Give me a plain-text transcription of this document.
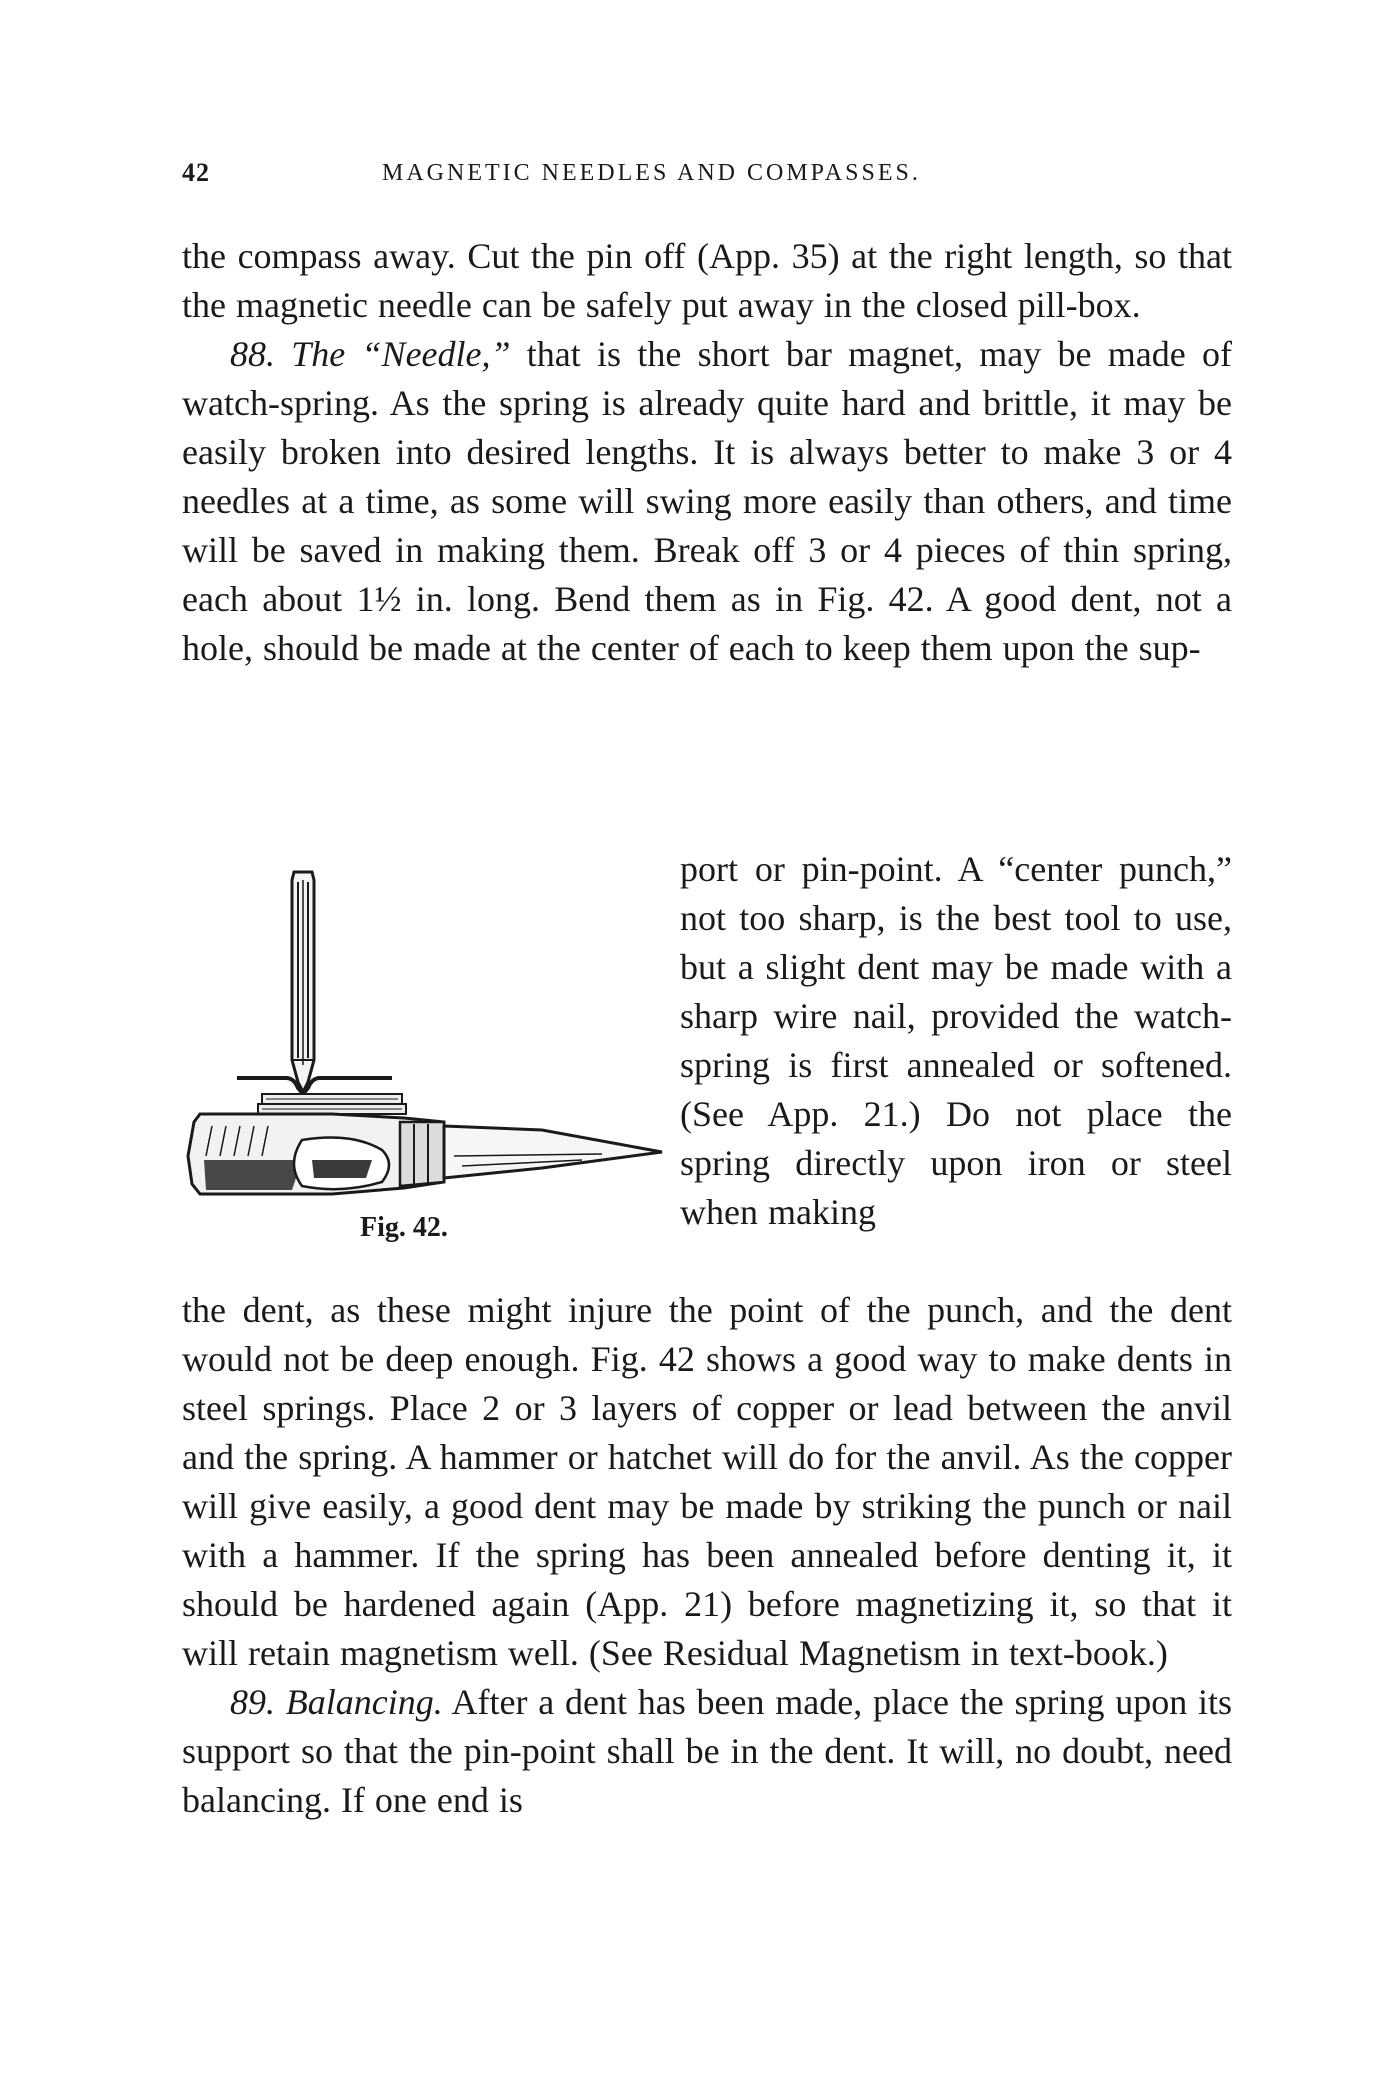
42	MAGNETIC NEEDLES AND COMPASSES.

the compass away. Cut the pin off (App. 35) at the right length, so that the magnetic needle can be safely put away in the closed pill-box.

88. The “Needle,” that is the short bar magnet, may be made of watch-spring. As the spring is already quite hard and brittle, it may be easily broken into desired lengths. It is always better to make 3 or 4 needles at a time, as some will swing more easily than others, and time will be saved in making them. Break off 3 or 4 pieces of thin spring, each about 1½ in. long. Bend them as in Fig. 42. A good dent, not a hole, should be made at the center of each to keep them upon the sup-

Fig. 42.

port or pin-point. A “center punch,” not too sharp, is the best tool to use, but a slight dent may be made with a sharp wire nail, provided the watch-spring is first annealed or softened. (See App. 21.) Do not place the spring directly upon iron or steel when making

the dent, as these might injure the point of the punch, and the dent would not be deep enough. Fig. 42 shows a good way to make dents in steel springs. Place 2 or 3 layers of copper or lead between the anvil and the spring. A hammer or hatchet will do for the anvil. As the copper will give easily, a good dent may be made by striking the punch or nail with a hammer. If the spring has been annealed before denting it, it should be hardened again (App. 21) before magnetizing it, so that it will retain magnetism well. (See Residual Magnetism in text-book.)

89. Balancing. After a dent has been made, place the spring upon its support so that the pin-point shall be in the dent. It will, no doubt, need balancing. If one end is
